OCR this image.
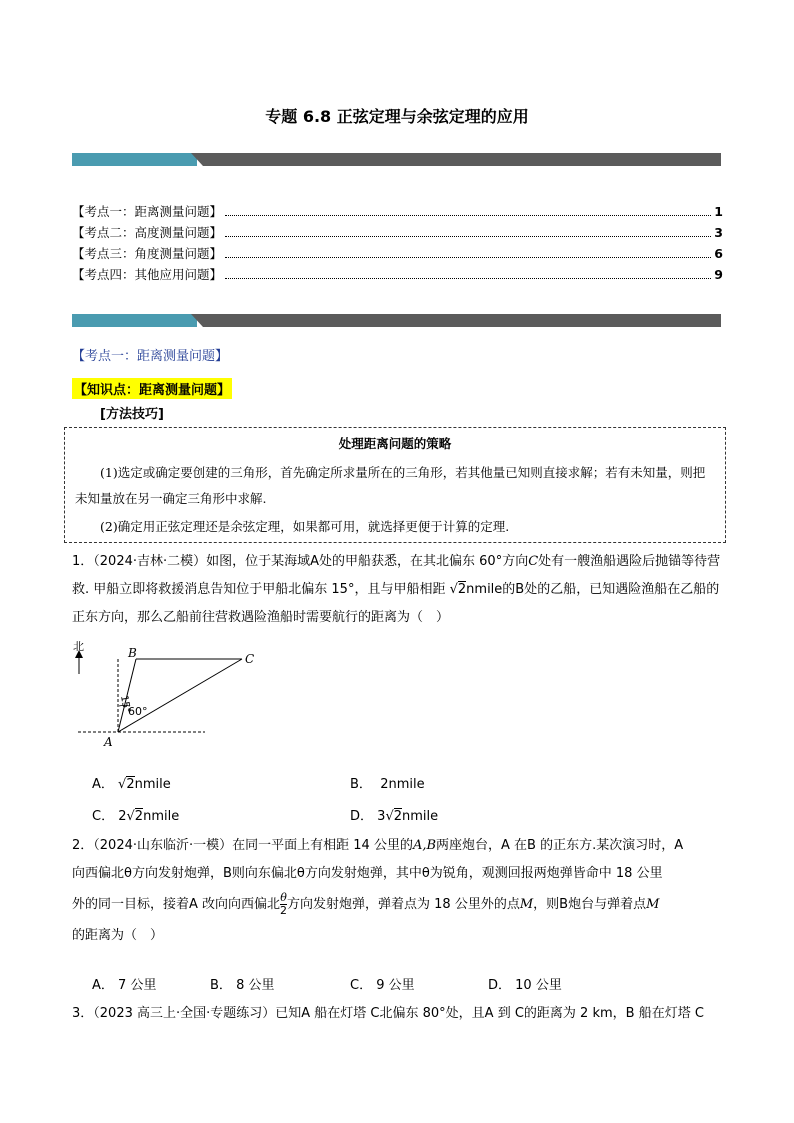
专题 6.8 正弦定理与余弦定理的应用
【考点一：距离测量问题】	1
【考点二：高度测量问题】	3
【考点三：角度测量问题】	6
【考点四：其他应用问题】	9
【考点一：距离测量问题】
【知识点：距离测量问题】
[方法技巧]
处理距离问题的策略

(1)选定或确定要创建的三角形，首先确定所求量所在的三角形，若其他量已知则直接求解；若有未知量，则把未知量放在另一确定三角形中求解.

(2)确定用正弦定理还是余弦定理，如果都可用，就选择更便于计算的定理.

1．（2024·吉林·二模）如图，位于某海域A处的甲船获悉，在其北偏东 60°方向C处有一艘渔船遇险后抛锚等待营救. 甲船立即将救援消息告知位于甲船北偏东 15°，且与甲船相距 √2nmile的B处的乙船，已知遇险渔船在乙船的正东方向，那么乙船前往营救遇险渔船时需要航行的距离为（　）
北
15°
60°
B	C
A
A． √2nmile	B． 2nmile
C． 2√2nmile	D． 3√2nmile
2．（2024·山东临沂·一模）在同一平面上有相距 14 公里的A,B两座炮台，A 在B 的正东方.某次演习时，A
向西偏北θ方向发射炮弹，B则向东偏北θ方向发射炮弹，其中θ为锐角，观测回报两炮弹皆命中 18 公里
外的同一目标，接着A 改向向西偏北 $\frac{\theta}{2}$ 方向发射炮弹，弹着点为 18 公里外的点M，则B炮台与弹着点M
的距离为（　）
A． 7 公里	B． 8 公里	C． 9 公里	D． 10 公里
3．（2023 高三上·全国·专题练习）已知A 船在灯塔 C北偏东 80°处，且A 到 C的距离为 2 km，B 船在灯塔 C
